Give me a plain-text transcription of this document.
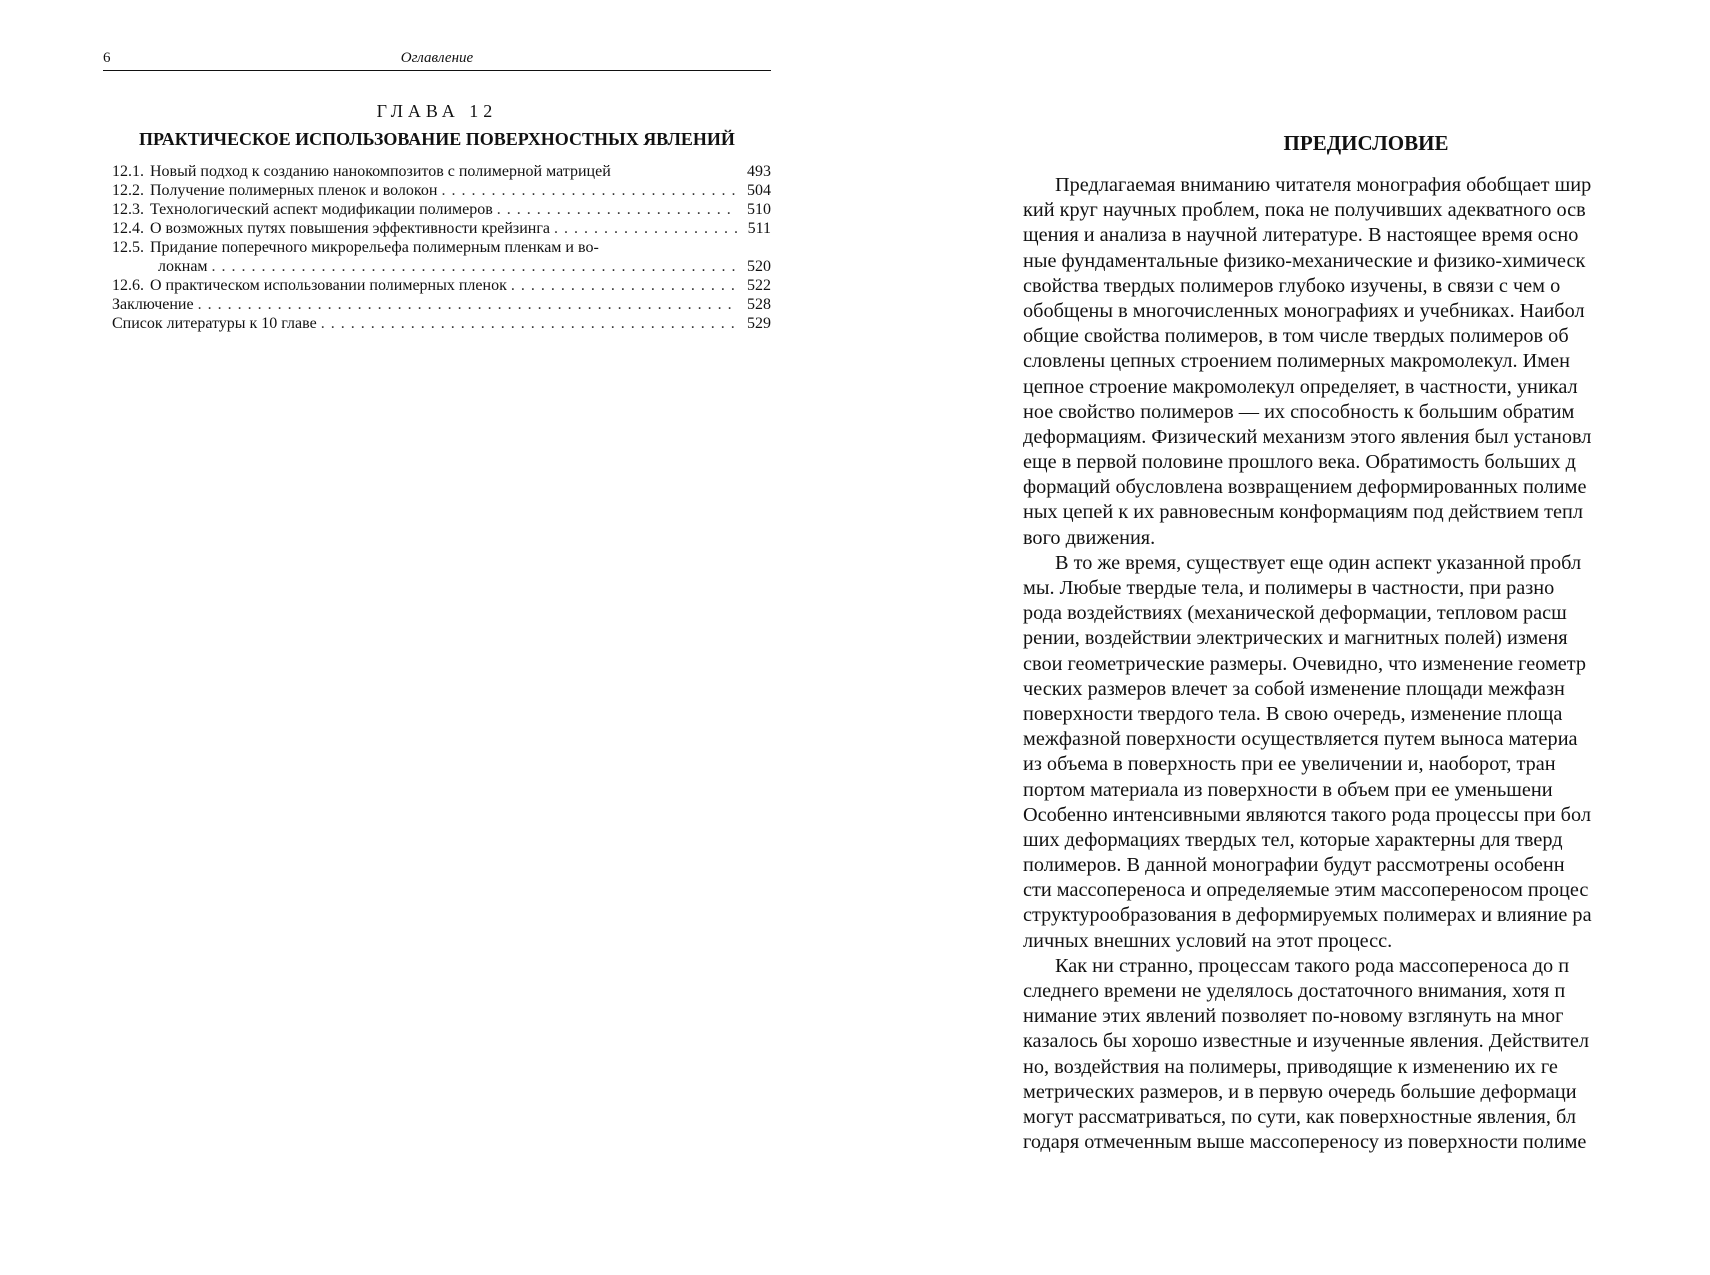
6	Оглавление
ГЛАВА 12
ПРАКТИЧЕСКОЕ ИСПОЛЬЗОВАНИЕ ПОВЕРХНОСТНЫХ ЯВЛЕНИЙ
12.1. Новый подход к созданию нанокомпозитов с полимерной матрицей	493
12.2. Получение полимерных пленок и волокон . . .	504
12.3. Технологический аспект модификации полимеров . . .	510
12.4. О возможных путях повышения эффективности крейзинга . . .	511
12.5. Придание поперечного микрорельефа полимерным пленкам и во-
локнам . . .	520
12.6. О практическом использовании полимерных пленок . . .	522
Заключение . . .	528
Список литературы к 10 главе . . .	529
ПРЕДИСЛОВИЕ
Предлагаемая вниманию читателя монография обобщает шир
кий круг научных проблем, пока не получивших адекватного осв
щения и анализа в научной литературе. В настоящее время осно
ные фундаментальные физико-механические и физико-химическ
свойства твердых полимеров глубоко изучены, в связи с чем о
обобщены в многочисленных монографиях и учебниках. Наибол
общие свойства полимеров, в том числе твердых полимеров об
словлены цепных строением полимерных макромолекул. Имен
цепное строение макромолекул определяет, в частности, уникал
ное свойство полимеров — их способность к большим обратим
деформациям. Физический механизм этого явления был установл
еще в первой половине прошлого века. Обратимость больших д
формаций обусловлена возвращением деформированных полиме
ных цепей к их равновесным конформациям под действием тепл
вого движения.
В то же время, существует еще один аспект указанной пробл
мы. Любые твердые тела, и полимеры в частности, при разно
рода воздействиях (механической деформации, тепловом расш
рении, воздействии электрических и магнитных полей) изменя
свои геометрические размеры. Очевидно, что изменение геометр
ческих размеров влечет за собой изменение площади межфазн
поверхности твердого тела. В свою очередь, изменение площа
межфазной поверхности осуществляется путем выноса материа
из объема в поверхность при ее увеличении и, наоборот, тран
портом материала из поверхности в объем при ее уменьшени
Особенно интенсивными являются такого рода процессы при бол
ших деформациях твердых тел, которые характерны для тверд
полимеров. В данной монографии будут рассмотрены особенн
сти массопереноса и определяемые этим массопереносом процес
структурообразования в деформируемых полимерах и влияние ра
личных внешних условий на этот процесс.
Как ни странно, процессам такого рода массопереноса до п
следнего времени не уделялось достаточного внимания, хотя п
нимание этих явлений позволяет по-новому взглянуть на мног
казалось бы хорошо известные и изученные явления. Действител
но, воздействия на полимеры, приводящие к изменению их ге
метрических размеров, и в первую очередь большие деформаци
могут рассматриваться, по сути, как поверхностные явления, бл
годаря отмеченным выше массопереносу из поверхности полиме
